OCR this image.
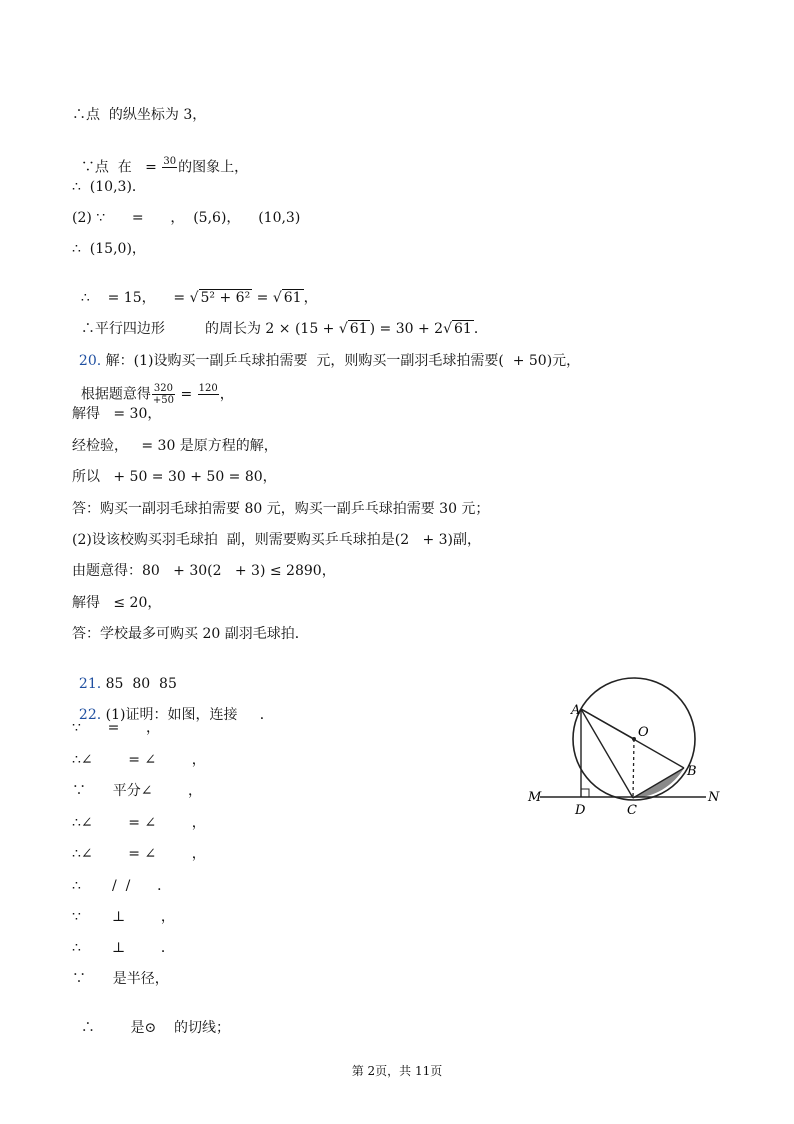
∴点  的纵坐标为 3，

∵点  在   = 30
的图象上，

∴  (10,3)．
(2) ∵      =      ，  (5,6)，    (10,3)
∴  (15,0)，

∴    = 15，    = √ 5² + 6² = √ 61 ，

∴平行四边形         的周长为 2 × (15 + √ 61 ) = 30 + 2√ 61 ．

20. 解：(1)设购买一副乒乓球拍需要  元，则购买一副羽毛球拍需要(  + 50)元，

根据题意得 $\frac{320}{+50} = 120$
，

解得   = 30，
经检验，   = 30 是原方程的解，
所以   + 50 = 30 + 50 = 80，
答：购买一副羽毛球拍需要 80 元，购买一副乒乓球拍需要 30 元；
(2)设该校购买羽毛球拍  副，则需要购买乒乓球拍是(2   + 3)副，
由题意得：80   + 30(2   + 3) ≤ 2890，
解得   ≤ 20，
答：学校最多可购买 20 副羽毛球拍．

21. 85  80  85

22. (1)证明：如图，连接     ．

∵      =      ，
∴∠        = ∠        ，
∵      平分∠        ，
∴∠        = ∠        ，
∴∠        = ∠        ，
∴       /  /      ．
∵       ⊥        ，
∴       ⊥        ．
∵      是半径，

∴        是⊙    的切线；

A
O
B
M	N
D	C
第 2页，共 11页
